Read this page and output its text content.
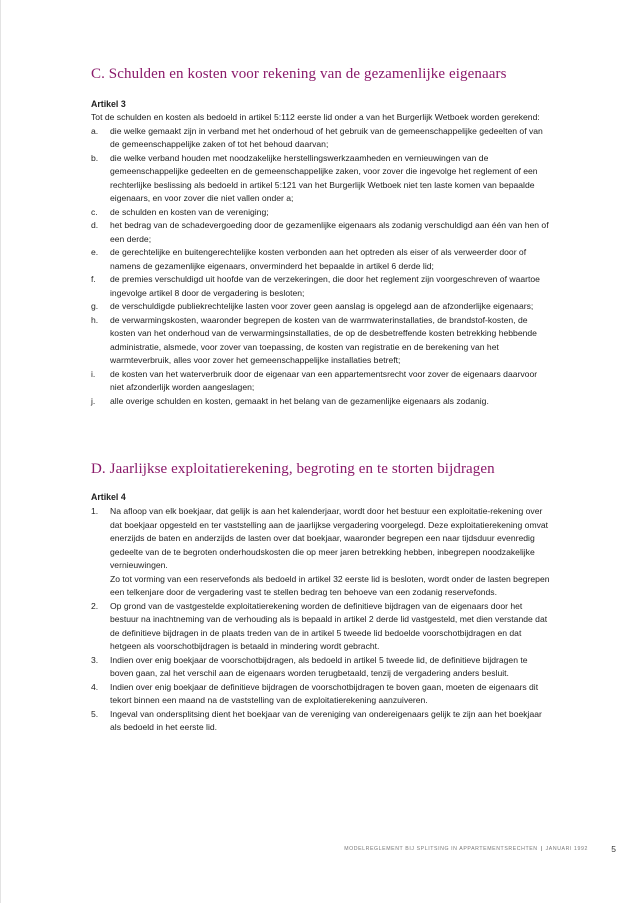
C. Schulden en kosten voor rekening van de gezamenlijke eigenaars
Artikel 3

Tot de schulden en kosten als bedoeld in artikel 5:112 eerste lid onder a van het Burgerlijk Wetboek worden gerekend:

a.	die welke gemaakt zijn in verband met het onderhoud of het gebruik van de gemeenschappelijke gedeelten of van de gemeenschappelijke zaken of tot het behoud daarvan;
b.	die welke verband houden met noodzakelijke herstellingswerkzaamheden en vernieuwingen van de gemeenschappelijke gedeelten en de gemeenschappelijke zaken, voor zover die ingevolge het reglement of een rechterlijke beslissing als bedoeld in artikel 5:121 van het Burgerlijk Wetboek niet ten laste komen van bepaalde eigenaars, en voor zover die niet vallen onder a;
c.	de schulden en kosten van de vereniging;
d.	het bedrag van de schadevergoeding door de gezamenlijke eigenaars als zodanig verschuldigd aan één van hen of een derde;
e.	de gerechtelijke en buitengerechtelijke kosten verbonden aan het optreden als eiser of als verweerder door of namens de gezamenlijke eigenaars, onverminderd het bepaalde in artikel 6 derde lid;
f.	de premies verschuldigd uit hoofde van de verzekeringen, die door het reglement zijn voorgeschreven of waartoe ingevolge artikel 8 door de vergadering is besloten;
g.	de verschuldigde publiekrechtelijke lasten voor zover geen aanslag is opgelegd aan de afzonderlijke eigenaars;
h.	de verwarmingskosten, waaronder begrepen de kosten van de warmwaterinstallaties, de brandstof-kosten, de kosten van het onderhoud van de verwarmingsinstallaties, de op de desbetreffende kosten betrekking hebbende administratie, alsmede, voor zover van toepassing, de kosten van registratie en de berekening van het warmteverbruik, alles voor zover het gemeenschappelijke installaties betreft;
i.	de kosten van het waterverbruik door de eigenaar van een appartementsrecht voor zover de eigenaars daarvoor niet afzonderlijk worden aangeslagen;
j.	alle overige schulden en kosten, gemaakt in het belang van de gezamenlijke eigenaars als zodanig.
D. Jaarlijkse exploitatierekening, begroting en te storten bijdragen
Artikel 4
1.	Na afloop van elk boekjaar, dat gelijk is aan het kalenderjaar, wordt door het bestuur een exploitatie-rekening over dat boekjaar opgesteld en ter vaststelling aan de jaarlijkse vergadering voorgelegd. Deze exploitatierekening omvat enerzijds de baten en anderzijds de lasten over dat boekjaar, waaronder begrepen een naar tijdsduur evenredig gedeelte van de te begroten onderhoudskosten die op meer jaren betrekking hebben, inbegrepen noodzakelijke vernieuwingen.

Zo tot vorming van een reservefonds als bedoeld in artikel 32 eerste lid is besloten, wordt onder de lasten begrepen een telkenjare door de vergadering vast te stellen bedrag ten behoeve van een zodanig reservefonds.

2.	Op grond van de vastgestelde exploitatierekening worden de definitieve bijdragen van de eigenaars door het bestuur na inachtneming van de verhouding als is bepaald in artikel 2 derde lid vastgesteld, met dien verstande dat de definitieve bijdragen in de plaats treden van de in artikel 5 tweede lid bedoelde voorschotbijdragen en dat hetgeen als voorschotbijdragen is betaald in mindering wordt gebracht.

3.	Indien over enig boekjaar de voorschotbijdragen, als bedoeld in artikel 5 tweede lid, de definitieve bijdragen te boven gaan, zal het verschil aan de eigenaars worden terugbetaald, tenzij de vergadering anders besluit.

4.	Indien over enig boekjaar de definitieve bijdragen de voorschotbijdragen te boven gaan, moeten de eigenaars dit tekort binnen een maand na de vaststelling van de exploitatierekening aanzuiveren.

5.	Ingeval van ondersplitsing dient het boekjaar van de vereniging van ondereigenaars gelijk te zijn aan het boekjaar als bedoeld in het eerste lid.

MODELREGLEMENT BIJ SPLITSING IN APPARTEMENTSRECHTEN | JANUARI 1992	5
